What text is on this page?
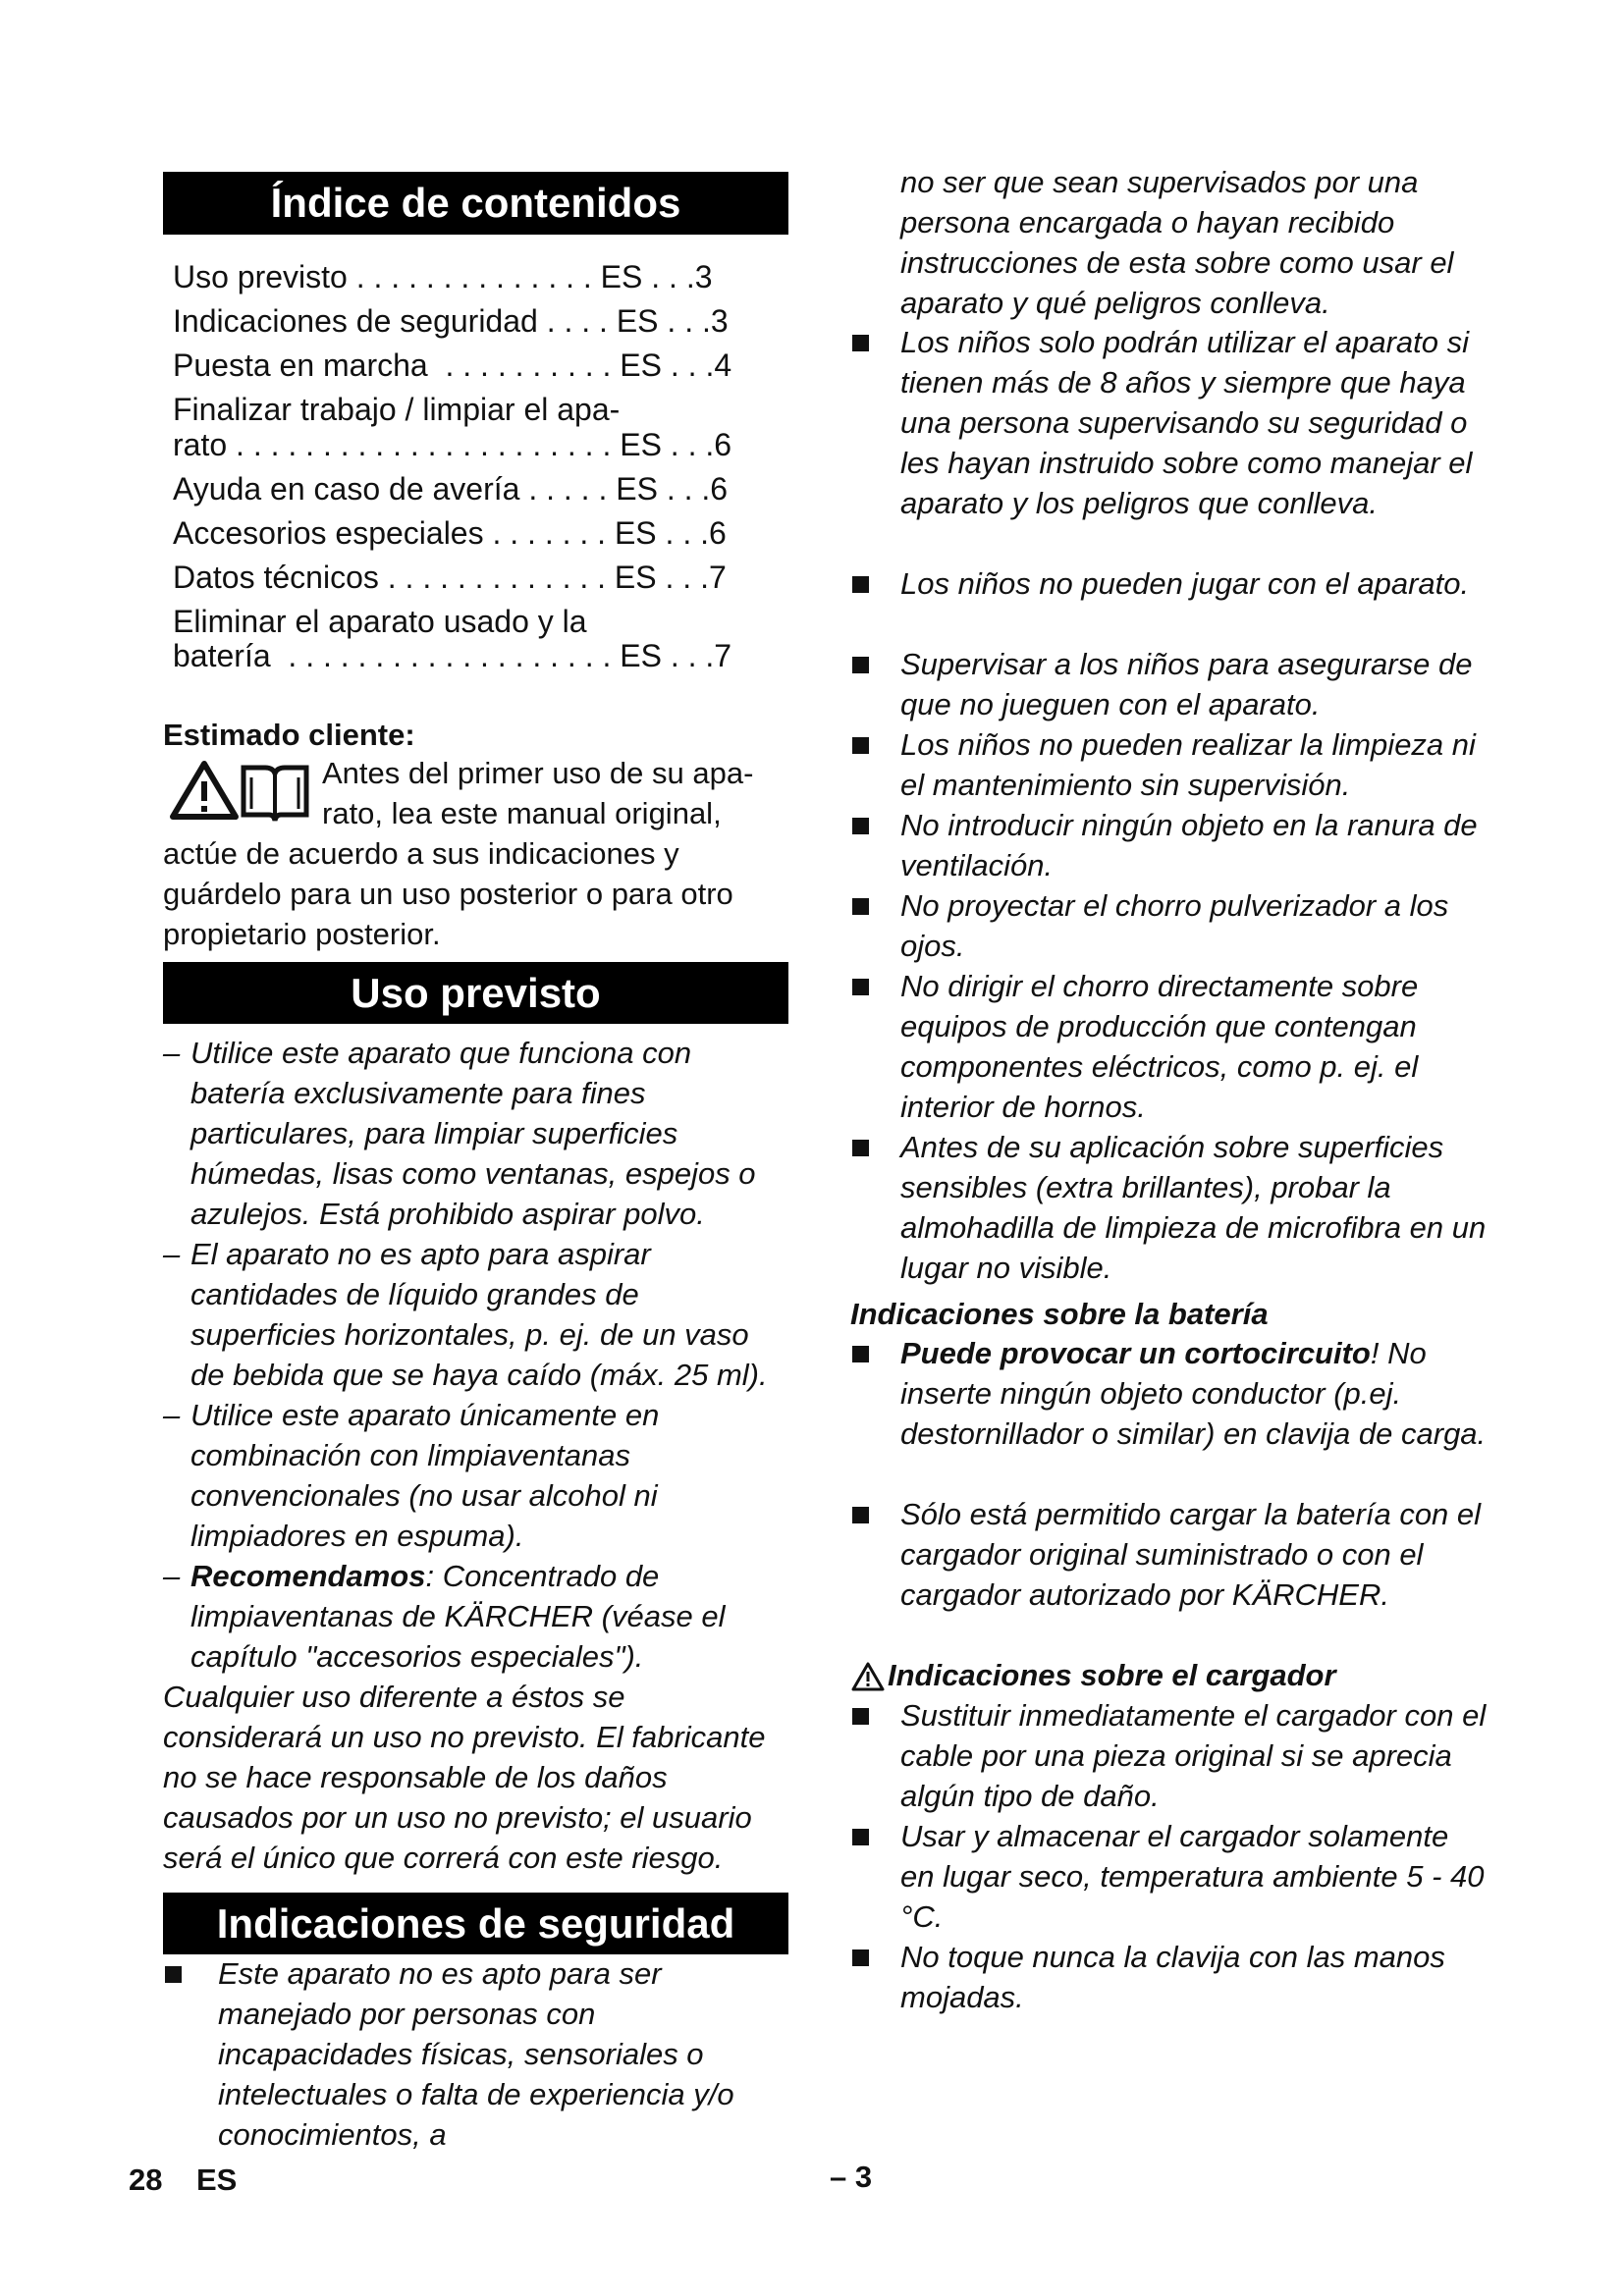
Índice de contenidos
Uso previsto . . . . . . . . . . . . . . ES . . .3
Indicaciones de seguridad . . . . ES . . .3
Puesta en marcha  . . . . . . . . . . ES . . .4
Finalizar trabajo / limpiar el apa-
rato . . . . . . . . . . . . . . . . . . . . . . ES . . .6
Ayuda en caso de avería . . . . . ES . . .6
Accesorios especiales . . . . . . . ES . . .6
Datos técnicos . . . . . . . . . . . . . ES . . .7
Eliminar el aparato usado y la
batería  . . . . . . . . . . . . . . . . . . . ES . . .7
Estimado cliente:
Antes del primer uso de su apa-
rato, lea este manual original,
actúe de acuerdo a sus indicaciones y guárdelo para un uso posterior o para otro propietario posterior.
Uso previsto
– Utilice este aparato que funciona con batería exclusivamente para fines particulares, para limpiar superficies húmedas, lisas como ventanas, espejos o azulejos. Está prohibido aspirar polvo.
– El aparato no es apto para aspirar cantidades de líquido grandes de superficies horizontales, p. ej. de un vaso de bebida que se haya caído (máx. 25 ml).
– Utilice este aparato únicamente en combinación con limpiaventanas convencionales (no usar alcohol ni limpiadores en espuma).
– Recomendamos: Concentrado de limpiaventanas de KÄRCHER (véase el capítulo "accesorios especiales").
Cualquier uso diferente a éstos se considerará un uso no previsto. El fabricante no se hace responsable de los daños causados por un uso no previsto; el usuario será el único que correrá con este riesgo.
Indicaciones de seguridad
Este aparato no es apto para ser manejado por personas con incapacidades físicas, sensoriales o intelectuales o falta de experiencia y/o conocimientos, a
no ser que sean supervisados por una persona encargada o hayan recibido instrucciones de esta sobre como usar el aparato y qué peligros conlleva.
Los niños solo podrán utilizar el aparato si tienen más de 8 años y siempre que haya una persona supervisando su seguridad o les hayan instruido sobre como manejar el aparato y los peligros que conlleva.
Los niños no pueden jugar con el aparato.
Supervisar a los niños para asegurarse de que no jueguen con el aparato.
Los niños no pueden realizar la limpieza ni el mantenimiento sin supervisión.
No introducir ningún objeto en la ranura de ventilación.
No proyectar el chorro pulverizador a los ojos.
No dirigir el chorro directamente sobre equipos de producción que contengan componentes eléctricos, como p. ej. el interior de hornos.
Antes de su aplicación sobre superficies sensibles (extra brillantes), probar la almohadilla de limpieza de microfibra en un lugar no visible.
Indicaciones sobre la batería
Puede provocar un cortocircuito! No inserte ningún objeto conductor (p.ej. destornillador o similar) en clavija de carga.
Sólo está permitido cargar la batería con el cargador original suministrado o con el cargador autorizado por KÄRCHER.
Indicaciones sobre el cargador
Sustituir inmediatamente el cargador con el cable por una pieza original si se aprecia algún tipo de daño.
Usar y almacenar el cargador solamente en lugar seco, temperatura ambiente 5 - 40 °C.
No toque nunca la clavija con las manos mojadas.
28 ES	– 3
